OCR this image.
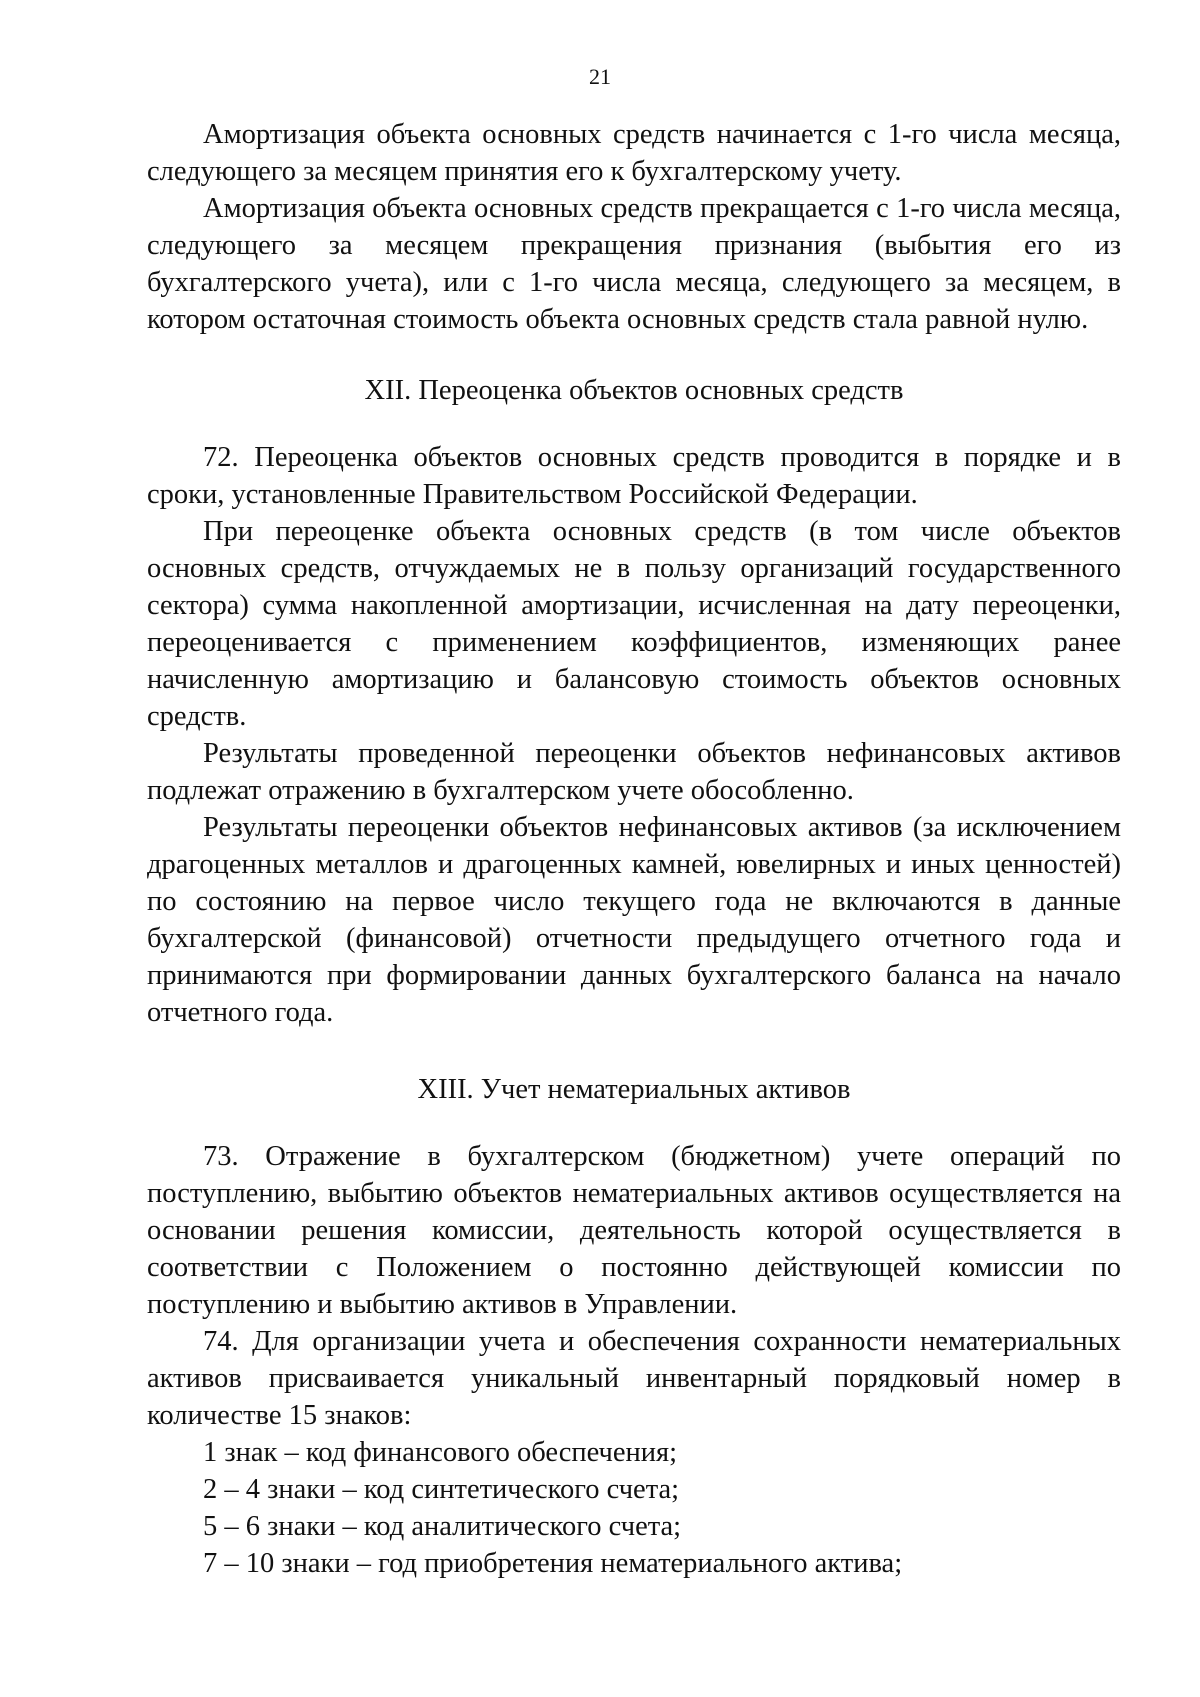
21

Амортизация объекта основных средств начинается с 1-го числа месяца, следующего за месяцем принятия его к бухгалтерскому учету.

Амортизация объекта основных средств прекращается с 1-го числа месяца, следующего за месяцем прекращения признания (выбытия его из бухгалтерского учета), или с 1-го числа месяца, следующего за месяцем, в котором остаточная стоимость объекта основных средств стала равной нулю.

XII. Переоценка объектов основных средств

72. Переоценка объектов основных средств проводится в порядке и в сроки, установленные Правительством Российской Федерации.

При переоценке объекта основных средств (в том числе объектов основных средств, отчуждаемых не в пользу организаций государственного сектора) сумма накопленной амортизации, исчисленная на дату переоценки, переоценивается с применением коэффициентов, изменяющих ранее начисленную амортизацию и балансовую стоимость объектов основных средств.

Результаты проведенной переоценки объектов нефинансовых активов подлежат отражению в бухгалтерском учете обособленно.

Результаты переоценки объектов нефинансовых активов (за исключением драгоценных металлов и драгоценных камней, ювелирных и иных ценностей) по состоянию на первое число текущего года не включаются в данные бухгалтерской (финансовой) отчетности предыдущего отчетного года и принимаются при формировании данных бухгалтерского баланса на начало отчетного года.

XIII. Учет нематериальных активов

73. Отражение в бухгалтерском (бюджетном) учете операций по поступлению, выбытию объектов нематериальных активов осуществляется на основании решения комиссии, деятельность которой осуществляется в соответствии с Положением о постоянно действующей комиссии по поступлению и выбытию активов в Управлении.

74. Для организации учета и обеспечения сохранности нематериальных активов присваивается уникальный инвентарный порядковый номер в количестве 15 знаков:

1 знак – код финансового обеспечения;

2 – 4 знаки – код синтетического счета;

5 – 6 знаки – код аналитического счета;

7 – 10 знаки – год приобретения нематериального актива;
